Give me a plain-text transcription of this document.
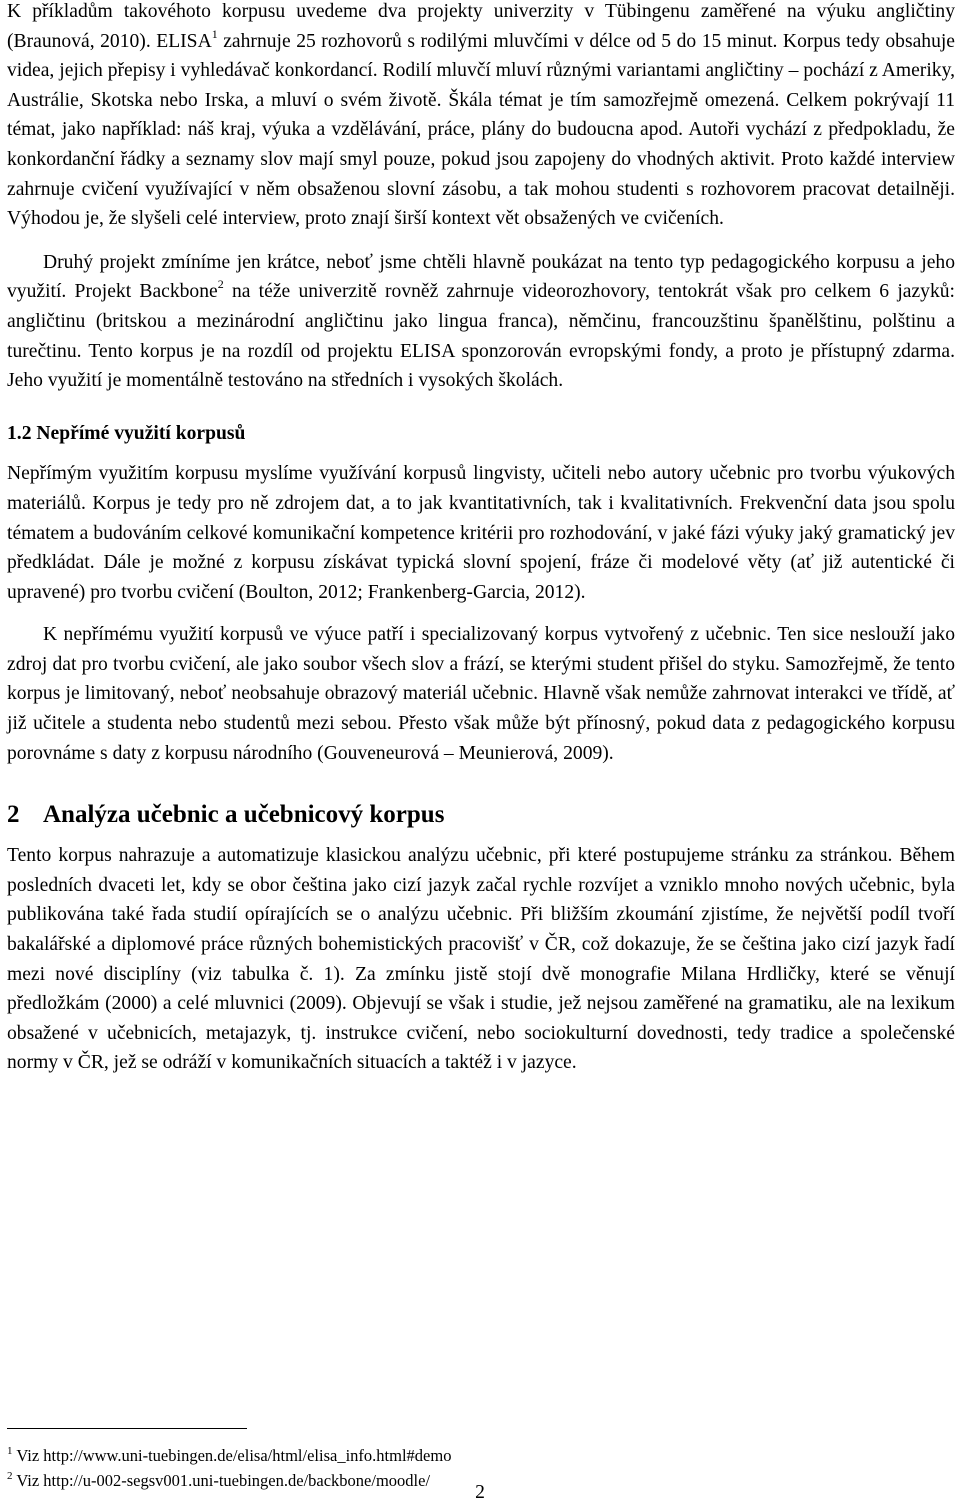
K příkladům takovéhoto korpusu uvedeme dva projekty univerzity v Tübingenu zaměřené na výuku angličtiny (Braunová, 2010). ELISA$^1$ zahrnuje 25 rozhovorů s rodilými mluvčími v délce od 5 do 15 minut. Korpus tedy obsahuje videa, jejich přepisy i vyhledávač konkordancí. Rodilí mluvčí mluví různými variantami angličtiny – pochází z Ameriky, Austrálie, Skotska nebo Irska, a mluví o svém životě. Škála témat je tím samozřejmě omezená. Celkem pokrývají 11 témat, jako například: náš kraj, výuka a vzdělávání, práce, plány do budoucna apod. Autoři vychází z předpokladu, že konkordanční řádky a seznamy slov mají smyl pouze, pokud jsou zapojeny do vhodných aktivit. Proto každé interview zahrnuje cvičení využívající v něm obsaženou slovní zásobu, a tak mohou studenti s rozhovorem pracovat detailněji. Výhodou je, že slyšeli celé interview, proto znají širší kontext vět obsažených ve cvičeních.

Druhý projekt zmíníme jen krátce, neboť jsme chtěli hlavně poukázat na tento typ pedagogického korpusu a jeho využití. Projekt Backbone$^2$ na téže univerzitě rovněž zahrnuje videorozhovory, tentokrát však pro celkem 6 jazyků: angličtinu (britskou a mezinárodní angličtinu jako lingua franca), němčinu, francouzštinu španělštinu, polštinu a turečtinu. Tento korpus je na rozdíl od projektu ELISA sponzorován evropskými fondy, a proto je přístupný zdarma. Jeho využití je momentálně testováno na středních i vysokých školách.

1.2 Nepřímé využití korpusů

Nepřímým využitím korpusu myslíme využívání korpusů lingvisty, učiteli nebo autory učebnic pro tvorbu výukových materiálů. Korpus je tedy pro ně zdrojem dat, a to jak kvantitativních, tak i kvalitativních. Frekvenční data jsou spolu tématem a budováním celkové komunikační kompetence kritérii pro rozhodování, v jaké fázi výuky jaký gramatický jev předkládat. Dále je možné z korpusu získávat typická slovní spojení, fráze či modelové věty (ať již autentické či upravené) pro tvorbu cvičení (Boulton, 2012; Frankenberg-Garcia, 2012).

K nepřímému využití korpusů ve výuce patří i specializovaný korpus vytvořený z učebnic. Ten sice neslouží jako zdroj dat pro tvorbu cvičení, ale jako soubor všech slov a frází, se kterými student přišel do styku. Samozřejmě, že tento korpus je limitovaný, neboť neobsahuje obrazový materiál učebnic. Hlavně však nemůže zahrnovat interakci ve třídě, ať již učitele a studenta nebo studentů mezi sebou. Přesto však může být přínosný, pokud data z pedagogického korpusu porovnáme s daty z korpusu národního (Gouveneurová – Meunierová, 2009).

2 Analýza učebnic a učebnicový korpus

Tento korpus nahrazuje a automatizuje klasickou analýzu učebnic, při které postupujeme stránku za stránkou. Během posledních dvaceti let, kdy se obor čeština jako cizí jazyk začal rychle rozvíjet a vzniklo mnoho nových učebnic, byla publikována také řada studií opírajících se o analýzu učebnic. Při bližším zkoumání zjistíme, že největší podíl tvoří bakalářské a diplomové práce různých bohemistických pracovišť v ČR, což dokazuje, že se čeština jako cizí jazyk řadí mezi nové disciplíny (viz tabulka č. 1). Za zmínku jistě stojí dvě monografie Milana Hrdličky, které se věnují předložkám (2000) a celé mluvnici (2009). Objevují se však i studie, jež nejsou zaměřené na gramatiku, ale na lexikum obsažené v učebnicích, metajazyk, tj. instrukce cvičení, nebo sociokulturní dovednosti, tedy tradice a společenské normy v ČR, jež se odráží v komunikačních situacích a taktéž i v jazyce.

$^1$ Viz http://www.uni-tuebingen.de/elisa/html/elisa_info.html#demo
$^2$ Viz http://u-002-segsv001.uni-tuebingen.de/backbone/moodle/
2
